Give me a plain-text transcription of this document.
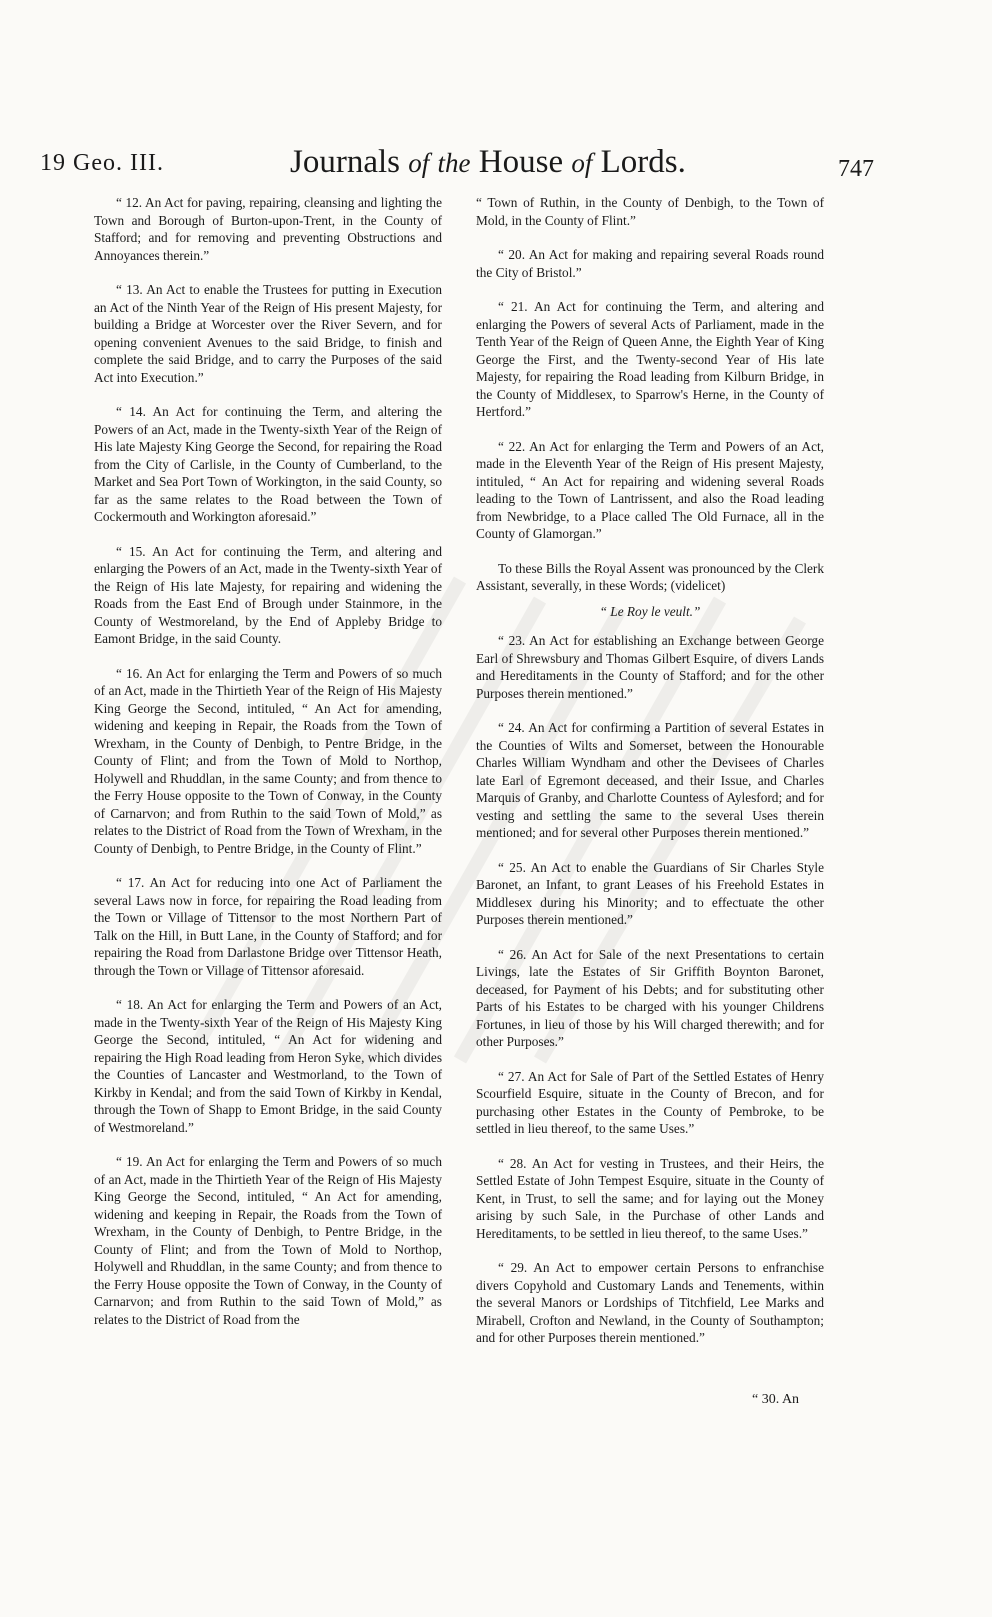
19 Geo. III.	Journals of the House of Lords.	747

“ 12. An Act for paving, repairing, cleansing and lighting the Town and Borough of Burton-upon-Trent, in the County of Stafford; and for removing and preventing Obstructions and Annoyances therein.”

“ 13. An Act to enable the Trustees for putting in Execution an Act of the Ninth Year of the Reign of His present Majesty, for building a Bridge at Worcester over the River Severn, and for opening convenient Avenues to the said Bridge, to finish and complete the said Bridge, and to carry the Purposes of the said Act into Execution.”

“ 14. An Act for continuing the Term, and altering the Powers of an Act, made in the Twenty-sixth Year of the Reign of His late Majesty King George the Second, for repairing the Road from the City of Carlisle, in the County of Cumberland, to the Market and Sea Port Town of Workington, in the said County, so far as the same relates to the Road between the Town of Cockermouth and Workington aforesaid.”

“ 15. An Act for continuing the Term, and altering and enlarging the Powers of an Act, made in the Twenty-sixth Year of the Reign of His late Majesty, for repairing and widening the Roads from the East End of Brough under Stainmore, in the County of Westmoreland, by the End of Appleby Bridge to Eamont Bridge, in the said County.

“ 16. An Act for enlarging the Term and Powers of so much of an Act, made in the Thirtieth Year of the Reign of His Majesty King George the Second, intituled, “ An Act for amending, widening and keeping in Repair, the Roads from the Town of Wrexham, in the County of Denbigh, to Pentre Bridge, in the County of Flint; and from the Town of Mold to Northop, Holywell and Rhuddlan, in the same County; and from thence to the Ferry House opposite to the Town of Conway, in the County of Carnarvon; and from Ruthin to the said Town of Mold,” as relates to the District of Road from the Town of Wrexham, in the County of Denbigh, to Pentre Bridge, in the County of Flint.”

“ 17. An Act for reducing into one Act of Parliament the several Laws now in force, for repairing the Road leading from the Town or Village of Tittensor to the most Northern Part of Talk on the Hill, in Butt Lane, in the County of Stafford; and for repairing the Road from Darlastone Bridge over Tittensor Heath, through the Town or Village of Tittensor aforesaid.

“ 18. An Act for enlarging the Term and Powers of an Act, made in the Twenty-sixth Year of the Reign of His Majesty King George the Second, intituled, “ An Act for widening and repairing the High Road leading from Heron Syke, which divides the Counties of Lancaster and Westmorland, to the Town of Kirkby in Kendal; and from the said Town of Kirkby in Kendal, through the Town of Shapp to Emont Bridge, in the said County of Westmoreland.”

“ 19. An Act for enlarging the Term and Powers of so much of an Act, made in the Thirtieth Year of the Reign of His Majesty King George the Second, intituled, “ An Act for amending, widening and keeping in Repair, the Roads from the Town of Wrexham, in the County of Denbigh, to Pentre Bridge, in the County of Flint; and from the Town of Mold to Northop, Holywell and Rhuddlan, in the same County; and from thence to the Ferry House opposite the Town of Conway, in the County of Carnarvon; and from Ruthin to the said Town of Mold,” as relates to the District of Road from the

“ Town of Ruthin, in the County of Denbigh, to the Town of Mold, in the County of Flint.”

“ 20. An Act for making and repairing several Roads round the City of Bristol.”

“ 21. An Act for continuing the Term, and altering and enlarging the Powers of several Acts of Parliament, made in the Tenth Year of the Reign of Queen Anne, the Eighth Year of King George the First, and the Twenty-second Year of His late Majesty, for repairing the Road leading from Kilburn Bridge, in the County of Middlesex, to Sparrow's Herne, in the County of Hertford.”

“ 22. An Act for enlarging the Term and Powers of an Act, made in the Eleventh Year of the Reign of His present Majesty, intituled, “ An Act for repairing and widening several Roads leading to the Town of Lantrissent, and also the Road leading from Newbridge, to a Place called The Old Furnace, all in the County of Glamorgan.”

To these Bills the Royal Assent was pronounced by the Clerk Assistant, severally, in these Words; (videlicet)

“ Le Roy le veult.”

“ 23. An Act for establishing an Exchange between George Earl of Shrewsbury and Thomas Gilbert Esquire, of divers Lands and Hereditaments in the County of Stafford; and for the other Purposes therein mentioned.”

“ 24. An Act for confirming a Partition of several Estates in the Counties of Wilts and Somerset, between the Honourable Charles William Wyndham and other the Devisees of Charles late Earl of Egremont deceased, and their Issue, and Charles Marquis of Granby, and Charlotte Countess of Aylesford; and for vesting and settling the same to the several Uses therein mentioned; and for several other Purposes therein mentioned.”

“ 25. An Act to enable the Guardians of Sir Charles Style Baronet, an Infant, to grant Leases of his Freehold Estates in Middlesex during his Minority; and to effectuate the other Purposes therein mentioned.”

“ 26. An Act for Sale of the next Presentations to certain Livings, late the Estates of Sir Griffith Boynton Baronet, deceased, for Payment of his Debts; and for substituting other Parts of his Estates to be charged with his younger Childrens Fortunes, in lieu of those by his Will charged therewith; and for other Purposes.”

“ 27. An Act for Sale of Part of the Settled Estates of Henry Scourfield Esquire, situate in the County of Brecon, and for purchasing other Estates in the County of Pembroke, to be settled in lieu thereof, to the same Uses.”

“ 28. An Act for vesting in Trustees, and their Heirs, the Settled Estate of John Tempest Esquire, situate in the County of Kent, in Trust, to sell the same; and for laying out the Money arising by such Sale, in the Purchase of other Lands and Hereditaments, to be settled in lieu thereof, to the same Uses.”

“ 29. An Act to empower certain Persons to enfranchise divers Copyhold and Customary Lands and Tenements, within the several Manors or Lordships of Titchfield, Lee Marks and Mirabell, Crofton and Newland, in the County of Southampton; and for other Purposes therein mentioned.”

“ 30. An
